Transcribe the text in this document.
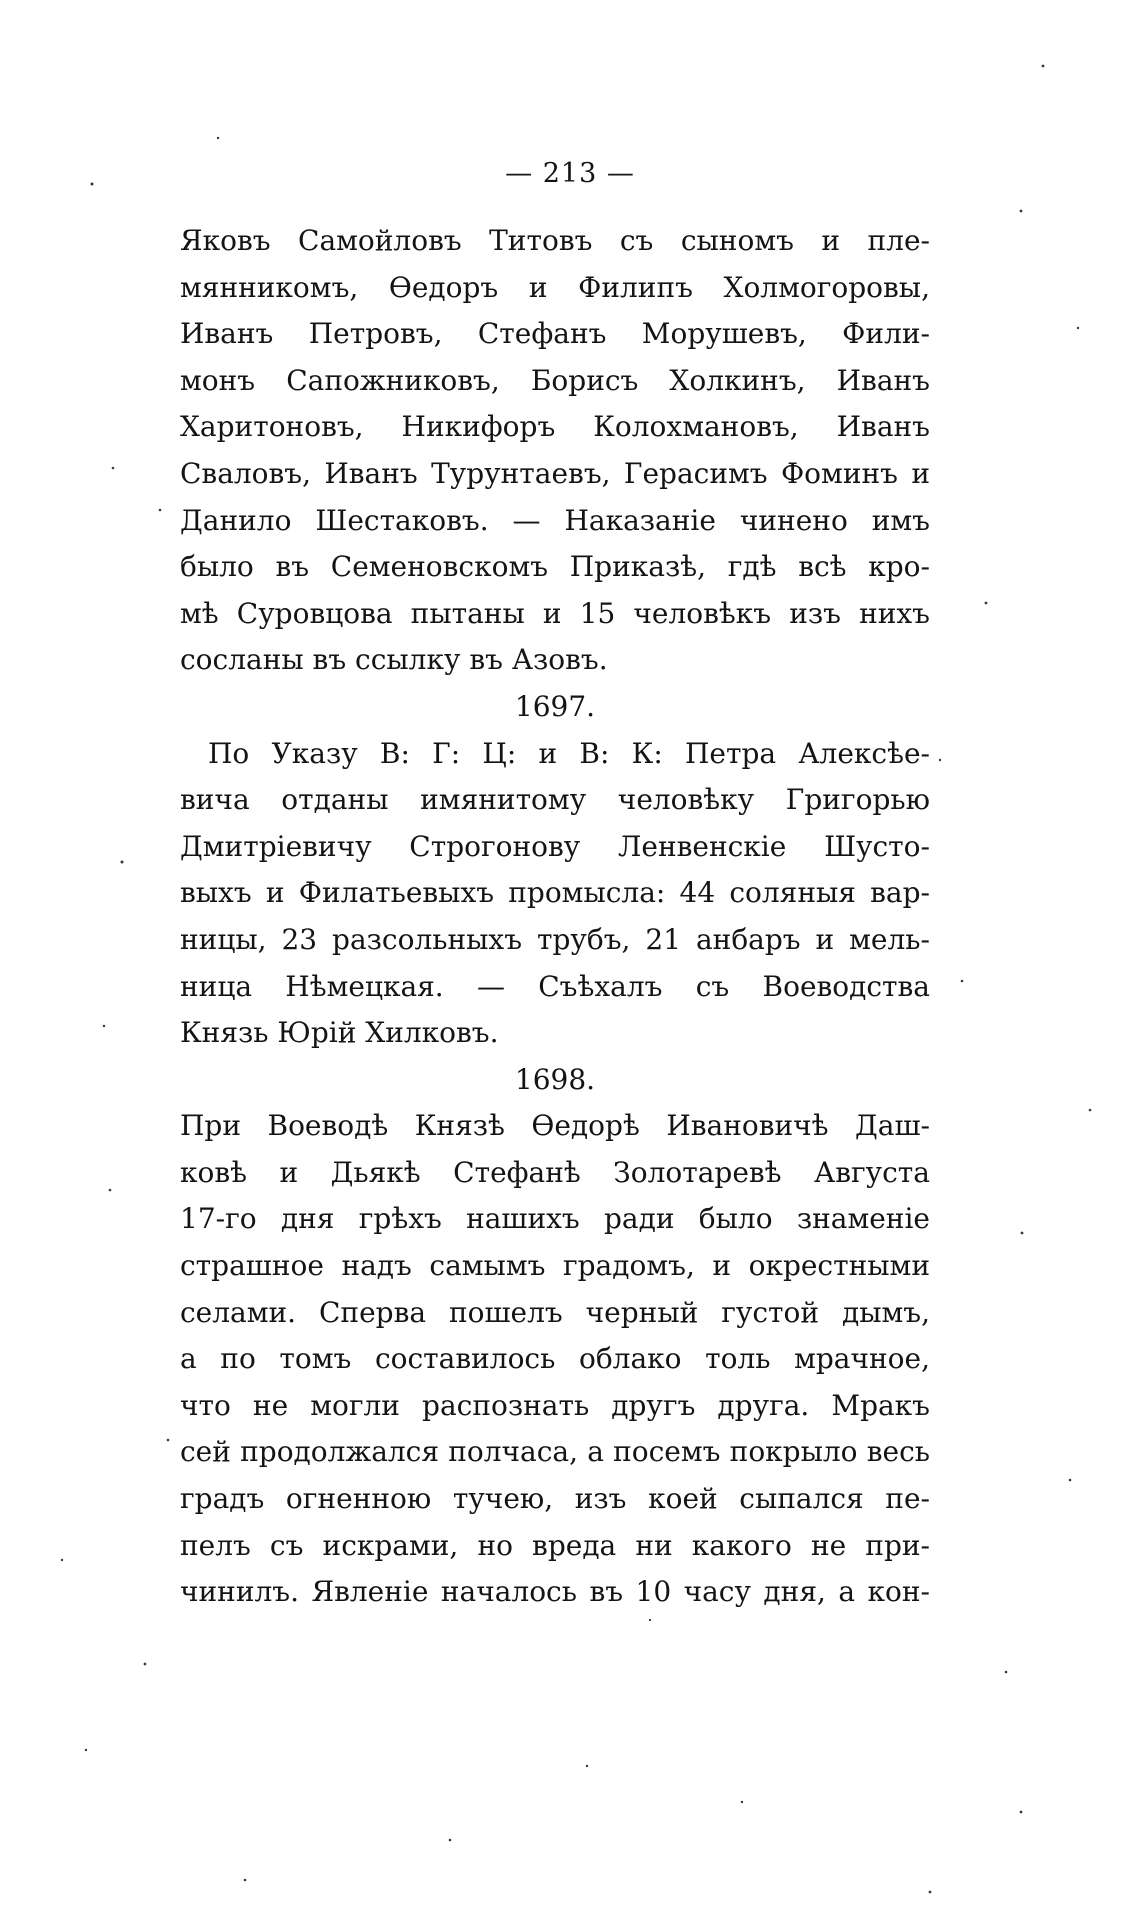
— 213 —
Яковъ Самойловъ Титовъ съ сыномъ и пле-
мянникомъ, Ѳедоръ и Филипъ Холмогоровы,
Иванъ Петровъ, Стефанъ Морушевъ, Фили-
монъ Сапожниковъ, Борисъ Холкинъ, Иванъ
Харитоновъ, Никифоръ Колохмановъ, Иванъ
Сваловъ, Иванъ Турунтаевъ, Герасимъ Фоминъ и
Данило Шестаковъ. — Наказаніе чинено имъ
было въ Семеновскомъ Приказѣ, гдѣ всѣ кро-
мѣ Суровцова пытаны и 15 человѣкъ изъ нихъ
сосланы въ ссылку въ Азовъ.
1697.
По Указу В: Г: Ц: и В: К: Петра Алексѣе-
вича отданы имянитому человѣку Григорью
Дмитріевичу Строгонову Ленвенскіе Шусто-
выхъ и Филатьевыхъ промысла: 44 соляныя вар-
ницы, 23 разсольныхъ трубъ, 21 анбаръ и мель-
ница Нѣмецкая. — Съѣхалъ съ Воеводства
Князь Юрій Хилковъ.
1698.
При Воеводѣ Князѣ Ѳедорѣ Ивановичѣ Даш-
ковѣ и Дьякѣ Стефанѣ Золотаревѣ Августа
17-го дня грѣхъ нашихъ ради было знаменіе
страшное надъ самымъ градомъ, и окрестными
селами. Сперва пошелъ черный густой дымъ,
а по томъ составилось облако толь мрачное,
что не могли распознать другъ друга. Мракъ
сей продолжался полчаса, а посемъ покрыло весь
градъ огненною тучею, изъ коей сыпался пе-
пелъ съ искрами, но вреда ни какого не при-
чинилъ. Явленіе началось въ 10 часу дня, а кон-
